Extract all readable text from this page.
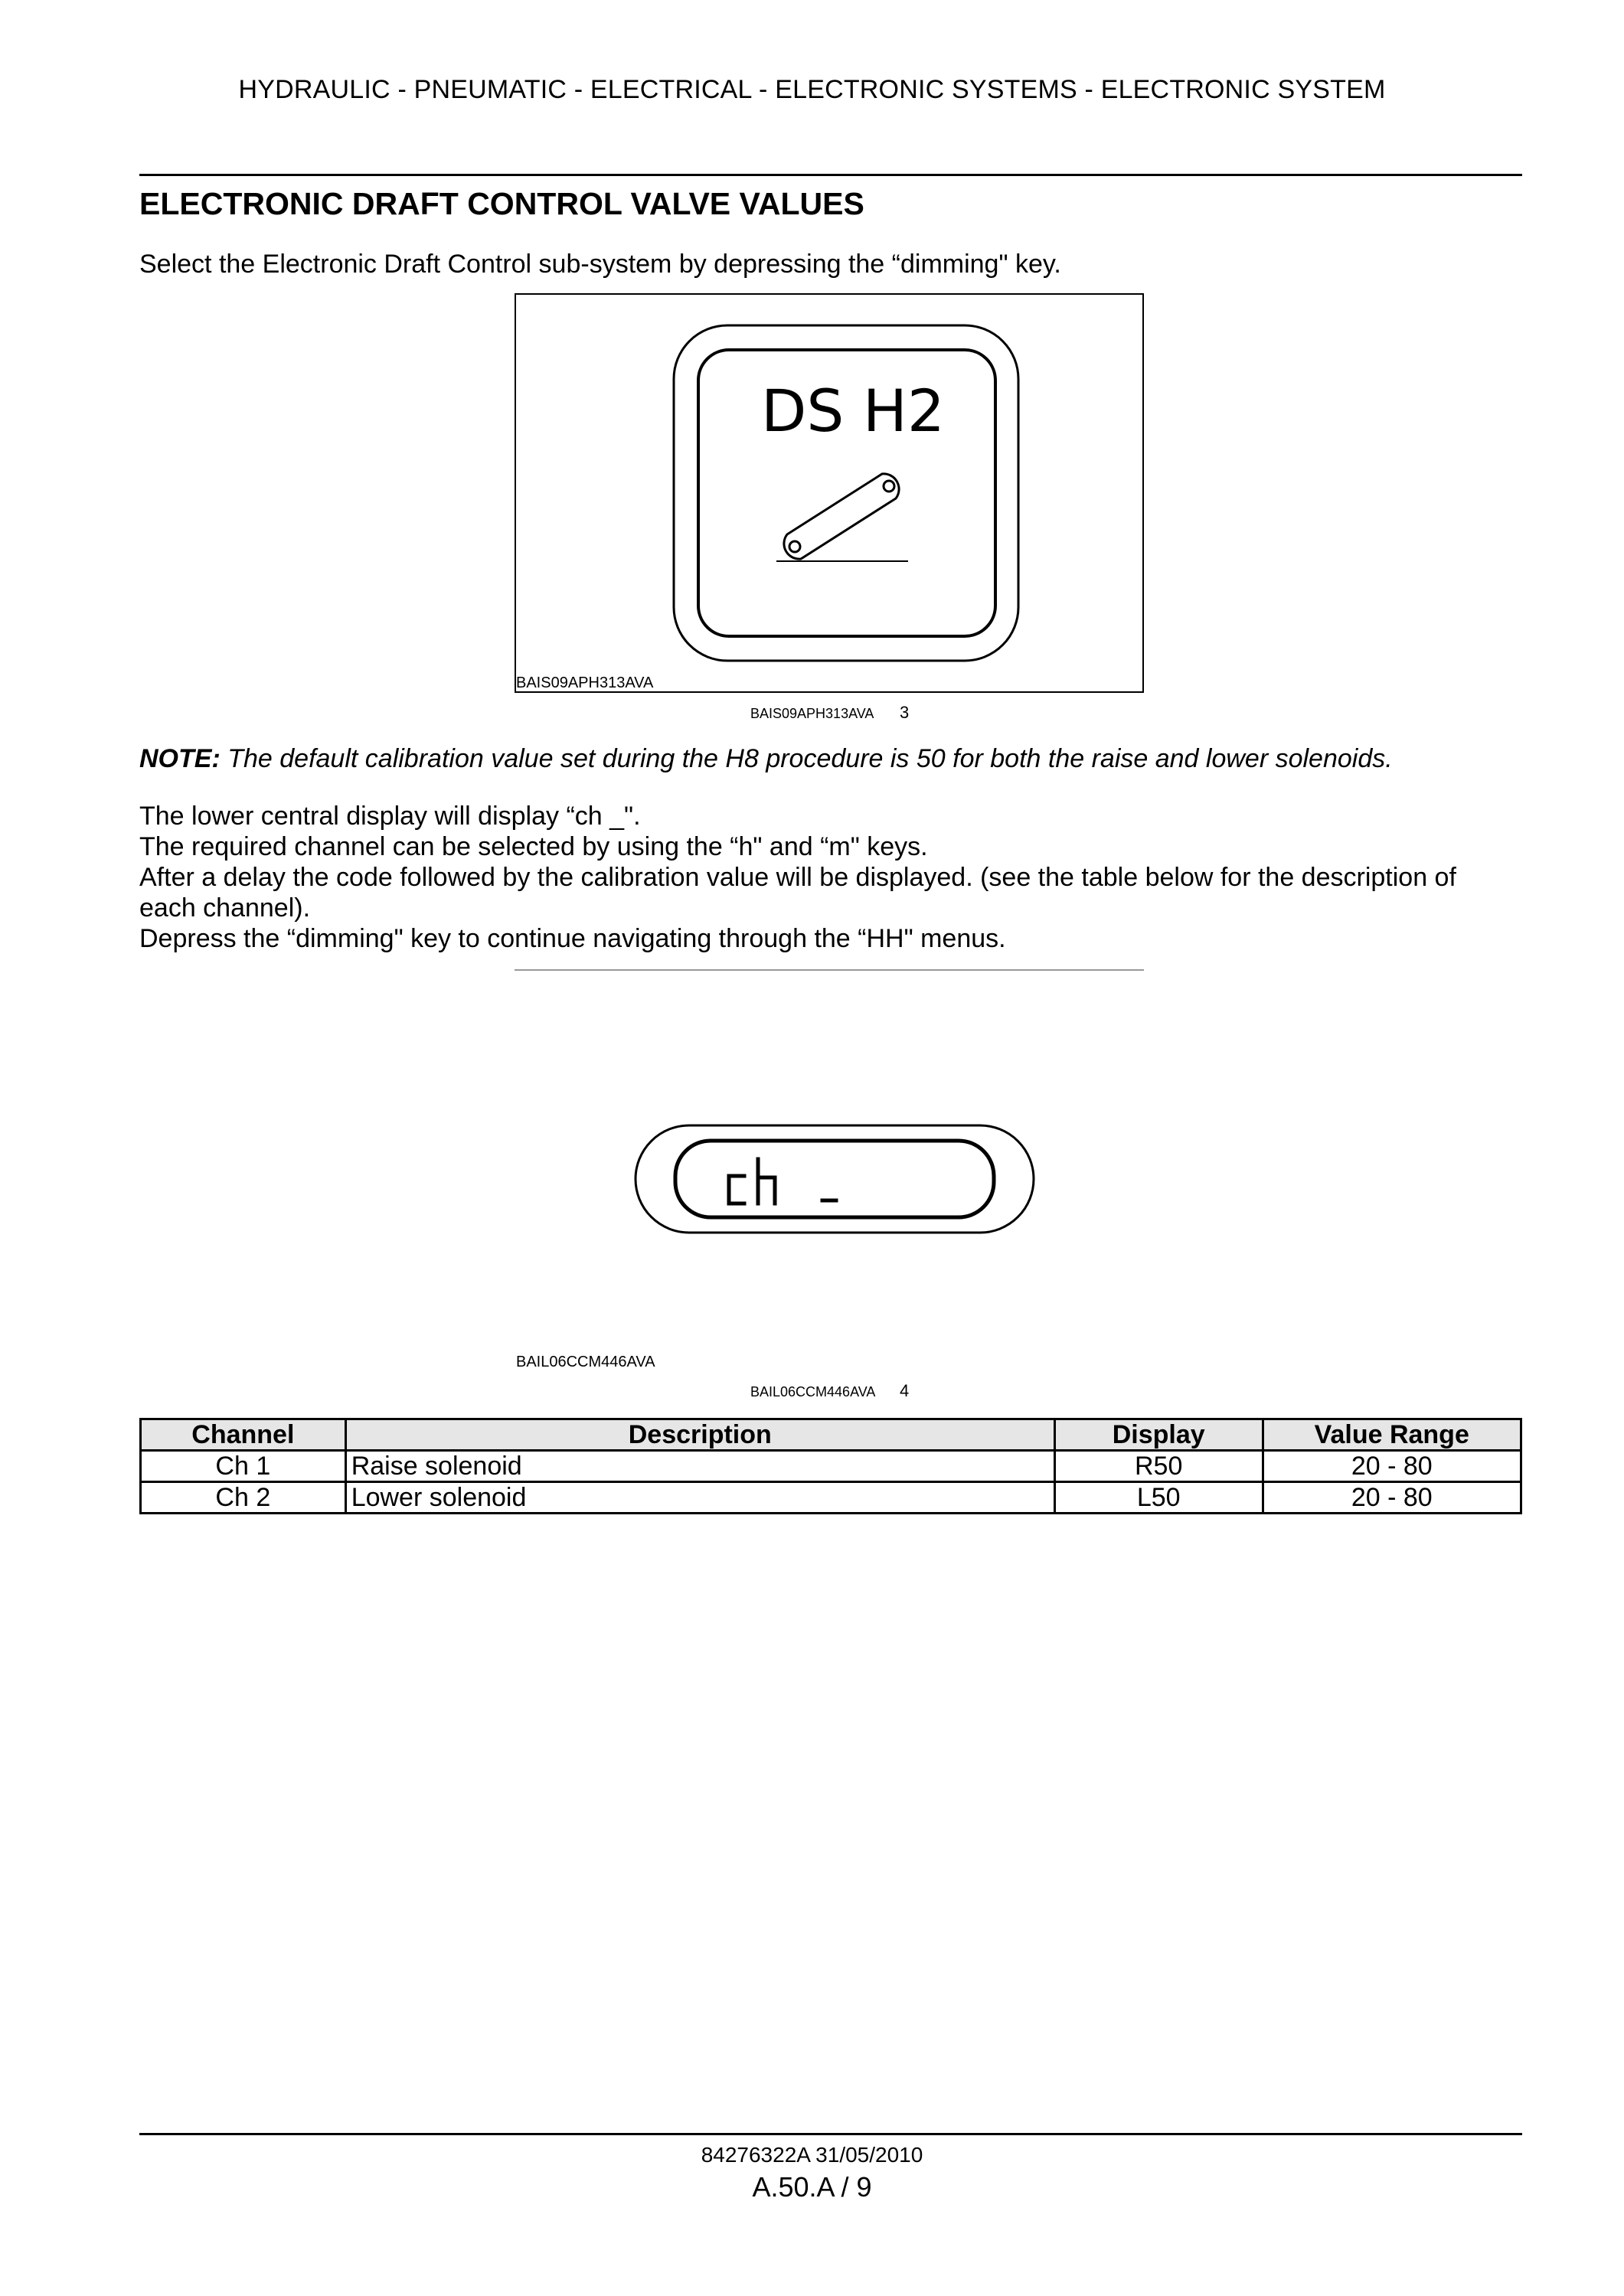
HYDRAULIC - PNEUMATIC - ELECTRICAL - ELECTRONIC SYSTEMS - ELECTRONIC SYSTEM
ELECTRONIC DRAFT CONTROL VALVE VALUES
Select the Electronic Draft Control sub-system by depressing the “dimming" key.
DS H2
BAIS09APH313AVA
BAIS09APH313AVA 3
NOTE: The default calibration value set during the H8 procedure is 50 for both the raise and lower solenoids.
The lower central display will display “ch _".
The required channel can be selected by using the “h" and “m" keys.
After a delay the code followed by the calibration value will be displayed. (see the table below for the description of
each channel).
Depress the “dimming" key to continue navigating through the “HH" menus.
BAIL06CCM446AVA
BAIL06CCM446AVA 4
Channel	Description	Display	Value Range
Ch 1	Raise solenoid	R50	20 - 80
Ch 2	Lower solenoid	L50	20 - 80
84276322A 31/05/2010
A.50.A / 9
